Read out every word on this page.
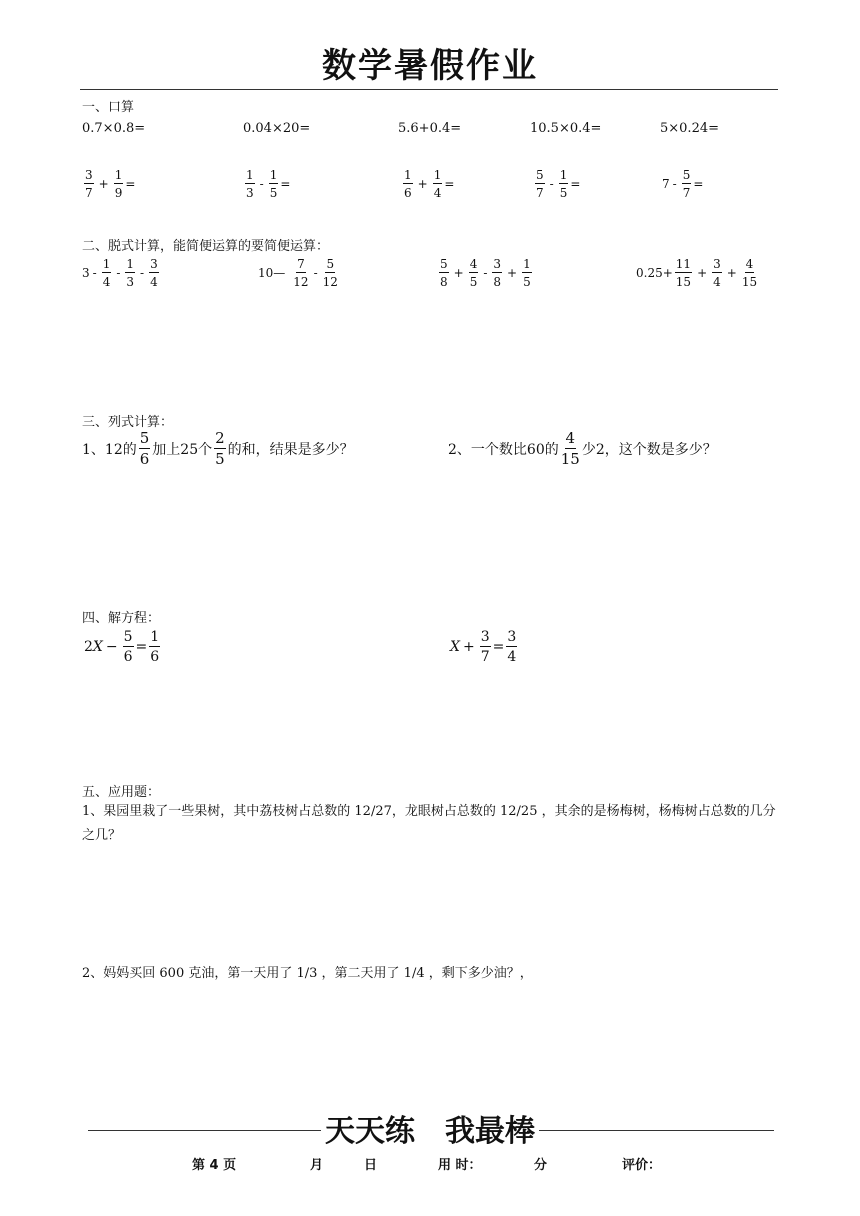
数学暑假作业
一、口算
0.7×0.8=	0.04×20=	5.6+0.4=	10.5×0.4=	5×0.24=
$\frac{3}{7} + \frac{1}{9}$ =	$\frac{1}{3} - \frac{1}{5}$ =	$\frac{1}{6} + \frac{1}{4}$ =	$\frac{5}{7} - \frac{1}{5}$ =	$7 - \frac{5}{7}$ =
二、脱式计算，能简便运算的要简便运算：
$3 - \frac{1}{4} - \frac{1}{3} - \frac{3}{4}$	10— $\frac{7}{12} - \frac{5}{12}$	$\frac{5}{8} + \frac{4}{5} - \frac{3}{8} + \frac{1}{5}$	$0.25+ \frac{11}{15} + \frac{3}{4} + \frac{4}{15}$
三、列式计算：
1、12的 $\frac{5}{6}$ 加上25个 $\frac{2}{5}$ 的和，结果是多少？	2、一个数比60的 $\frac{4}{15}$ 少2，这个数是多少？
四、解方程：
2 $X - \frac{5}{6} = \frac{1}{6}$	$X + \frac{3}{7} = \frac{3}{4}$
五、应用题：
1、果园里栽了一些果树，其中荔枝树占总数的 12/27，龙眼树占总数的 12/25 ，其余的是杨梅树，杨梅树占总数的几分之几？
2、妈妈买回 600 克油，第一天用了 1/3 ，第二天用了 1/4 ，剩下多少油？，
天天练　我最棒
第 4 页	月	日	用 时：	分	评价：
